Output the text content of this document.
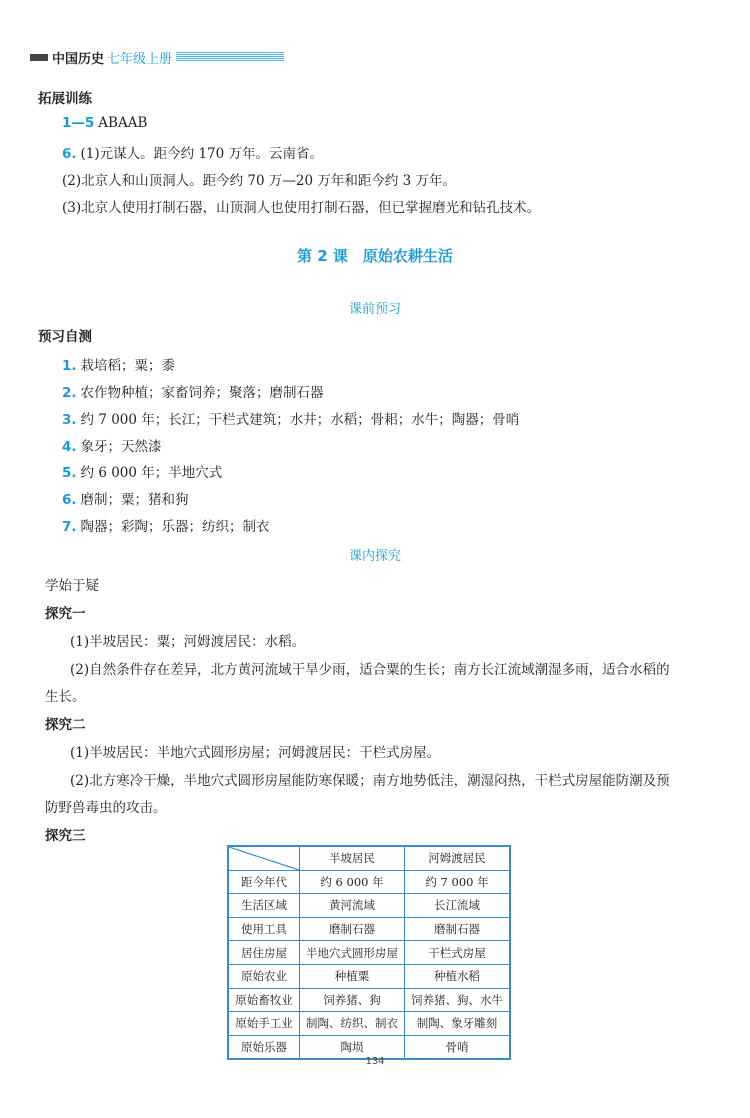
中国历史 七年级上册
拓展训练
1—5 ABAAB
6. (1)元谋人。距今约 170 万年。云南省。
(2)北京人和山顶洞人。距今约 70 万—20 万年和距今约 3 万年。
(3)北京人使用打制石器，山顶洞人也使用打制石器，但已掌握磨光和钻孔技术。
第 2 课　原始农耕生活
课前预习
预习自测
1. 栽培稻；粟；黍
2. 农作物种植；家畜饲养；聚落；磨制石器
3. 约 7 000 年；长江；干栏式建筑；水井；水稻；骨耜；水牛；陶器；骨哨
4. 象牙；天然漆
5. 约 6 000 年；半地穴式
6. 磨制；粟；猪和狗
7. 陶器；彩陶；乐器；纺织；制衣
课内探究
学始于疑
探究一
(1)半坡居民：粟；河姆渡居民：水稻。
(2)自然条件存在差异，北方黄河流域干旱少雨，适合粟的生长；南方长江流域潮湿多雨，适合水稻的
生长。
探究二
(1)半坡居民：半地穴式圆形房屋；河姆渡居民：干栏式房屋。
(2)北方寒冷干燥，半地穴式圆形房屋能防寒保暖；南方地势低洼，潮湿闷热，干栏式房屋能防潮及预
防野兽毒虫的攻击。
探究三
	半坡居民	河姆渡居民
距今年代	约 6 000 年	约 7 000 年
生活区域	黄河流域	长江流域
使用工具	磨制石器	磨制石器
居住房屋	半地穴式圆形房屋	干栏式房屋
原始农业	种植粟	种植水稻
原始畜牧业	饲养猪、狗	饲养猪、狗、水牛
原始手工业	制陶、纺织、制衣	制陶、象牙雕刻
原始乐器	陶埙	骨哨
134
